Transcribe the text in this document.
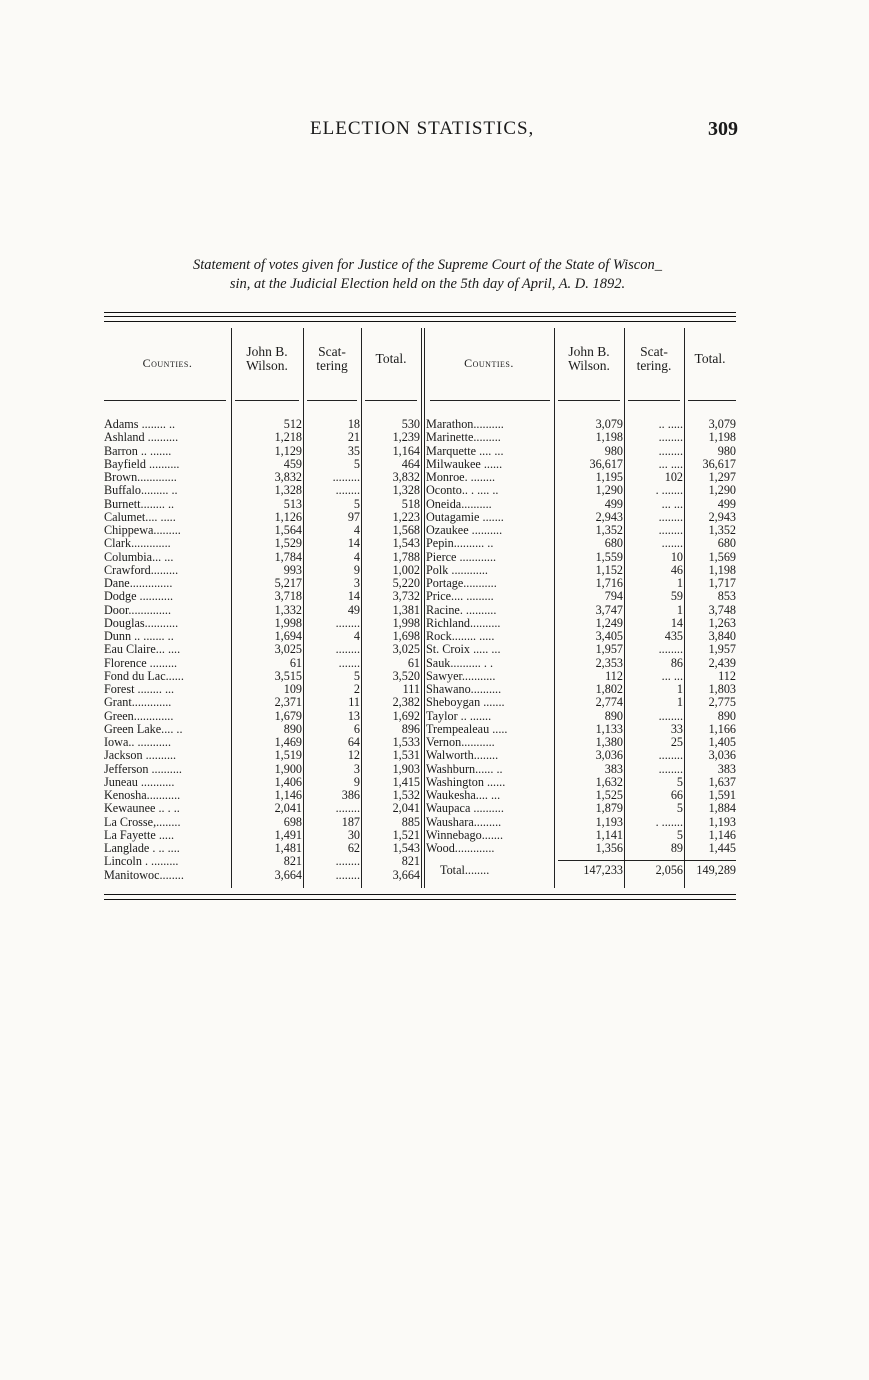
ELECTION STATISTICS,	309
Statement of votes given for Justice of the Supreme Court of the State of Wiscon_
sin, at the Judicial Election held on the 5th day of April, A. D. 1892.
Counties.
John B.
Wilson.
Scat-
tering	Total.	Counties.
John B.
Wilson.
Scat-
tering.	Total.
Adams ........ ..	512	18	530
Ashland ..........	1,218	21	1,239
Barron .. .......	1,129	35	1,164
Bayfield ..........	459	5	464
Brown.............	3,832	.........	3,832
Buffalo......... ..	1,328	........	1,328
Burnett........ ..	513	5	518
Calumet.... .....	1,126	97	1,223
Chippewa.........	1,564	4	1,568
Clark.............	1,529	14	1,543
Columbia... ...	1,784	4	1,788
Crawford.........	993	9	1,002
Dane..............	5,217	3	5,220
Dodge ...........	3,718	14	3,732
Door..............	1,332	49	1,381
Douglas...........	1,998	........	1,998
Dunn .. ....... ..	1,694	4	1,698
Eau Claire... ....	3,025	........	3,025
Florence .........	61	.......	61
Fond du Lac......	3,515	5	3,520
Forest ........ ...	109	2	111
Grant.............	2,371	11	2,382
Green.............	1,679	13	1,692
Green Lake.... ..	890	6	896
Iowa.. ...........	1,469	64	1,533
Jackson ..........	1,519	12	1,531
Jefferson ..........	1,900	3	1,903
Juneau ...........	1,406	9	1,415
Kenosha...........	1,146	386	1,532
Kewaunee .. . ..	2,041	........	2,041
La Crosse,........	698	187	885
La Fayette .....	1,491	30	1,521
Langlade . .. ....	1,481	62	1,543
Lincoln . .........	821	........	821
Manitowoc........	3,664	........	3,664
Marathon..........	3,079	.. .....	3,079
Marinette.........	1,198	........	1,198
Marquette .... ...	980	........	980
Milwaukee ......	36,617	... ....	36,617
Monroe. ........	1,195	102	1,297
Oconto.. . .... ..	1,290	. .......	1,290
Oneida..........	499	... ...	499
Outagamie .......	2,943	........	2,943
Ozaukee ..........	1,352	........	1,352
Pepin.......... ..	680	.......	680
Pierce ............	1,559	10	1,569
Polk ............	1,152	46	1,198
Portage...........	1,716	1	1,717
Price.... .........	794	59	853
Racine. ..........	3,747	1	3,748
Richland..........	1,249	14	1,263
Rock........ .....	3,405	435	3,840
St. Croix ..... ...	1,957	........	1,957
Sauk.......... . .	2,353	86	2,439
Sawyer...........	112	... ...	112
Shawano..........	1,802	1	1,803
Sheboygan .......	2,774	1	2,775
Taylor .. .......	890	........	890
Trempealeau .....	1,133	33	1,166
Vernon...........	1,380	25	1,405
Walworth........	3,036	........	3,036
Washburn...... ..	383	........	383
Washington ......	1,632	5	1,637
Waukesha.... ...	1,525	66	1,591
Waupaca ..........	1,879	5	1,884
Waushara.........	1,193	. .......	1,193
Winnebago.......	1,141	5	1,146
Wood.............	1,356	89	1,445
Total........	147,233	2,056	149,289
